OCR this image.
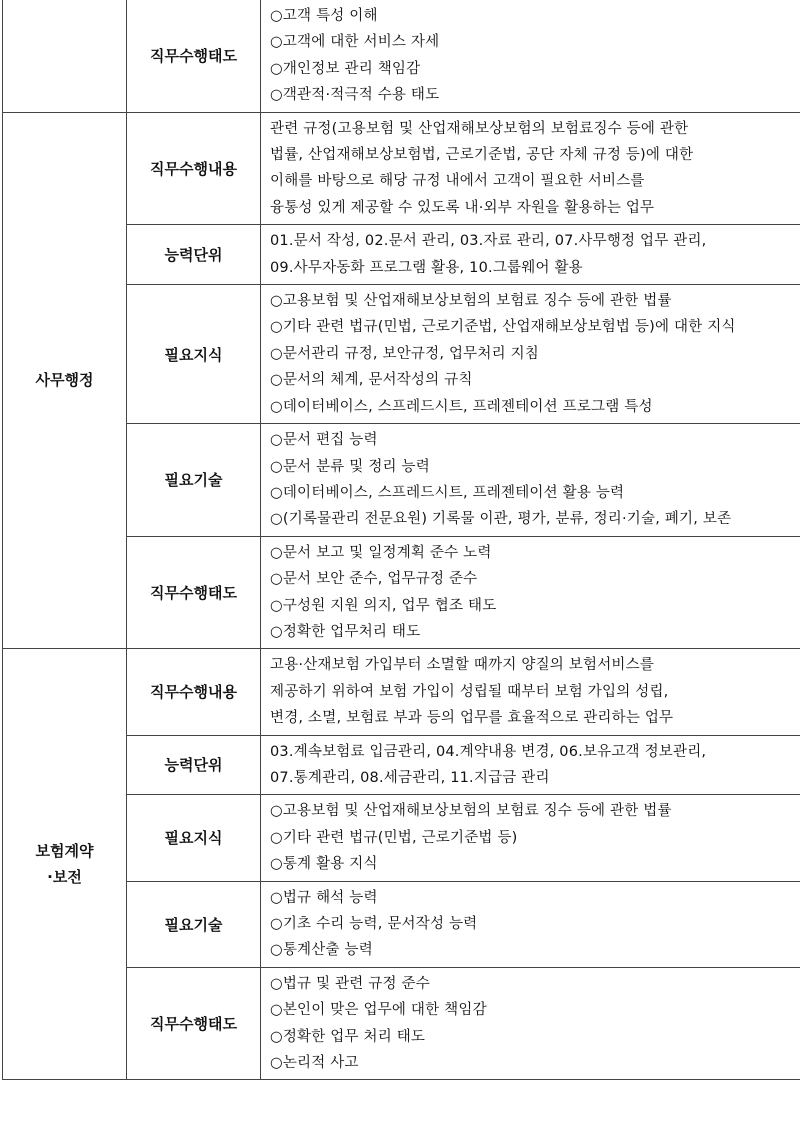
	직무수행태도	○고객 특성 이해
○고객에 대한 서비스 자세
○개인정보 관리 책임감
○객관적·적극적 수용 태도

사무행정	직무수행내용	관련 규정(고용보험 및 산업재해보상보험의 보험료징수 등에 관한
법률, 산업재해보상보험법, 근로기준법, 공단 자체 규정 등)에 대한
이해를 바탕으로 해당 규정 내에서 고객이 필요한 서비스를
융통성 있게 제공할 수 있도록 내·외부 자원을 활용하는 업무

	능력단위	01.문서 작성, 02.문서 관리, 03.자료 관리, 07.사무행정 업무 관리,
09.사무자동화 프로그램 활용, 10.그룹웨어 활용

	필요지식	○고용보험 및 산업재해보상보험의 보험료 징수 등에 관한 법률
○기타 관련 법규(민법, 근로기준법, 산업재해보상보험법 등)에 대한 지식
○문서관리 규정, 보안규정, 업무처리 지침
○문서의 체계, 문서작성의 규칙
○데이터베이스, 스프레드시트, 프레젠테이션 프로그램 특성

	필요기술	○문서 편집 능력
○문서 분류 및 정리 능력
○데이터베이스, 스프레드시트, 프레젠테이션 활용 능력
○(기록물관리 전문요원) 기록물 이관, 평가, 분류, 정리·기술, 폐기, 보존

	직무수행태도	○문서 보고 및 일정계획 준수 노력
○문서 보안 준수, 업무규정 준수
○구성원 지원 의지, 업무 협조 태도
○정확한 업무처리 태도

보험계약
·보전	직무수행내용	고용·산재보험 가입부터 소멸할 때까지 양질의 보험서비스를
제공하기 위하여 보험 가입이 성립될 때부터 보험 가입의 성립,
변경, 소멸, 보험료 부과 등의 업무를 효율적으로 관리하는 업무

	능력단위	03.계속보험료 입금관리, 04.계약내용 변경, 06.보유고객 정보관리,
07.통계관리, 08.세금관리, 11.지급금 관리

	필요지식	○고용보험 및 산업재해보상보험의 보험료 징수 등에 관한 법률
○기타 관련 법규(민법, 근로기준법 등)
○통계 활용 지식

	필요기술	○법규 해석 능력
○기초 수리 능력, 문서작성 능력
○통계산출 능력

	직무수행태도	○법규 및 관련 규정 준수
○본인이 맞은 업무에 대한 책임감
○정확한 업무 처리 태도
○논리적 사고
